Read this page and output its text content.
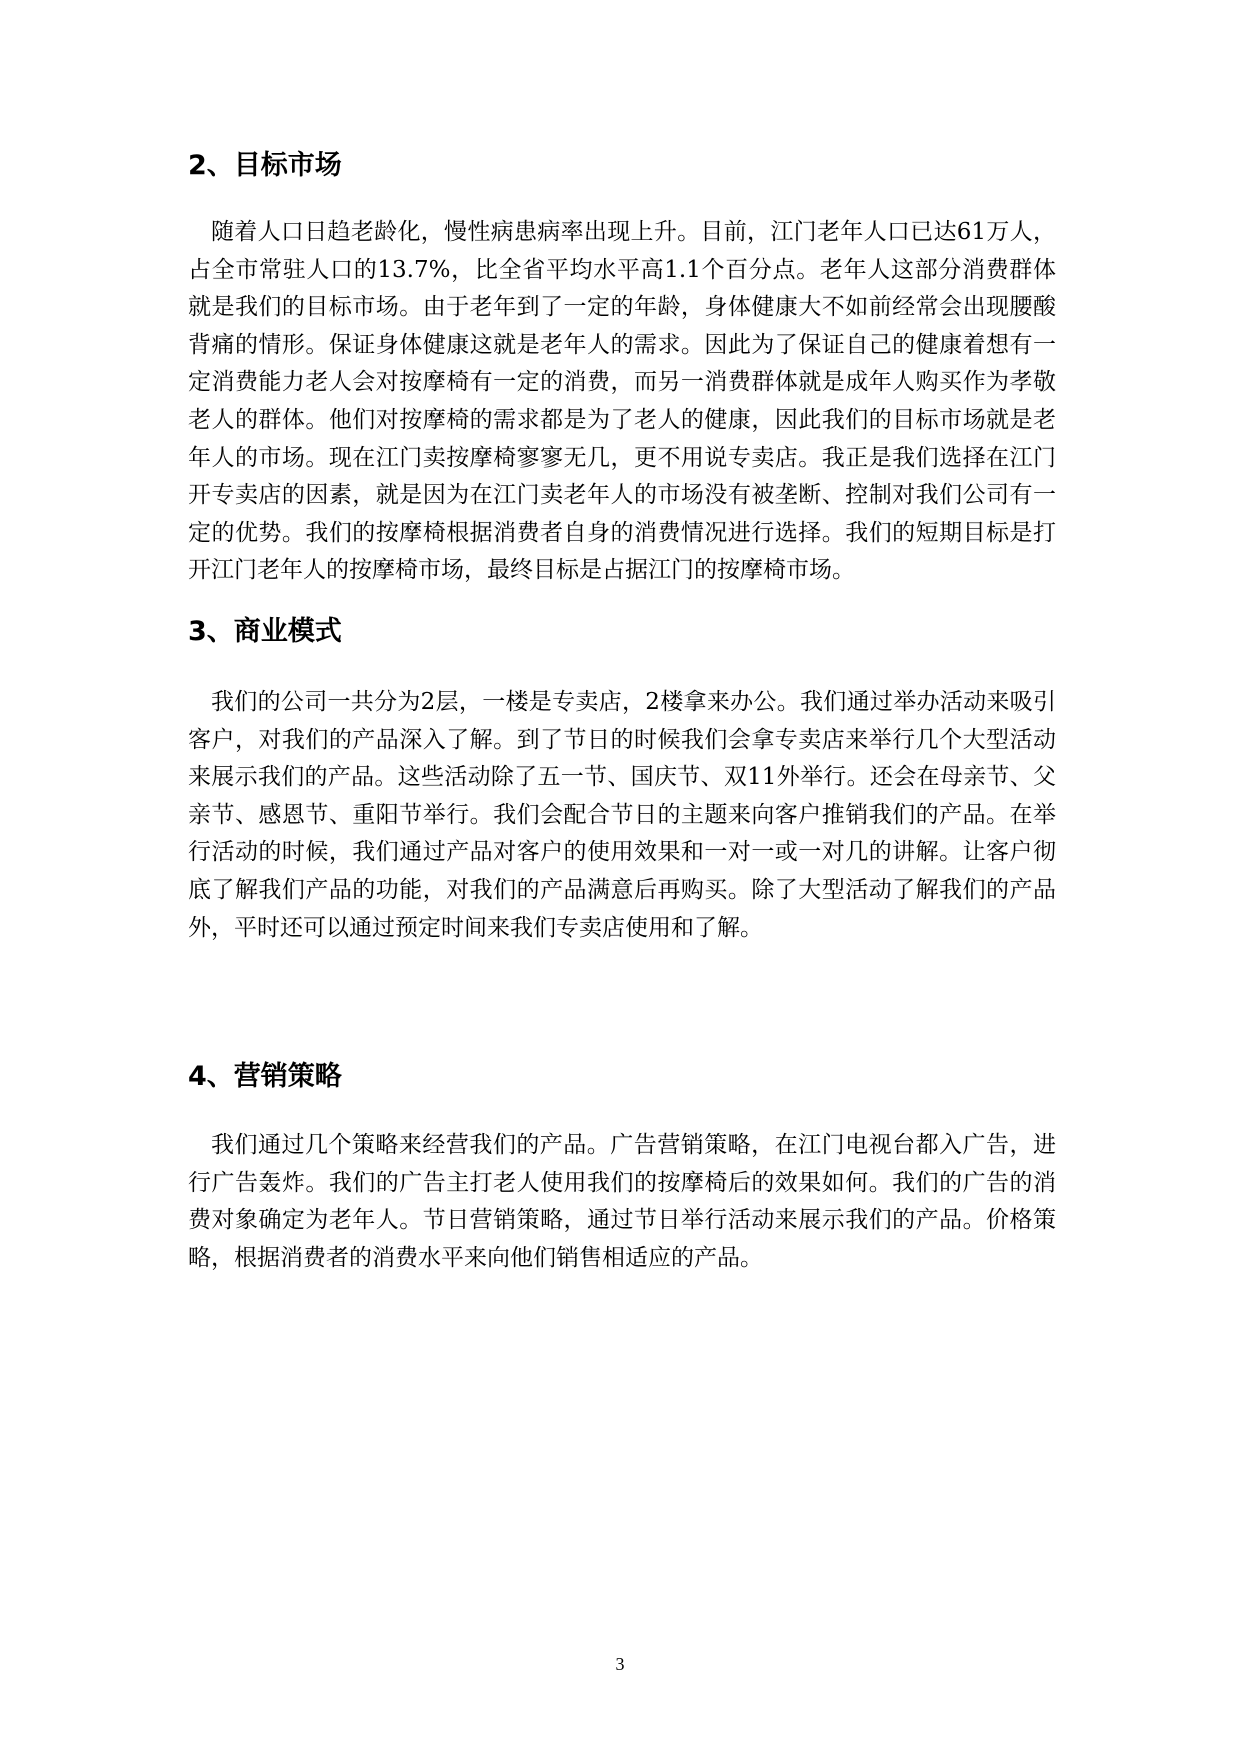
2、目标市场

随着人口日趋老龄化，慢性病患病率出现上升。目前，江门老年人口已达61万人，占全市常驻人口的13.7%，比全省平均水平高1.1个百分点。老年人这部分消费群体就是我们的目标市场。由于老年到了一定的年龄，身体健康大不如前经常会出现腰酸背痛的情形。保证身体健康这就是老年人的需求。因此为了保证自己的健康着想有一定消费能力老人会对按摩椅有一定的消费，而另一消费群体就是成年人购买作为孝敬老人的群体。他们对按摩椅的需求都是为了老人的健康，因此我们的目标市场就是老年人的市场。现在江门卖按摩椅寥寥无几，更不用说专卖店。我正是我们选择在江门开专卖店的因素，就是因为在江门卖老年人的市场没有被垄断、控制对我们公司有一定的优势。我们的按摩椅根据消费者自身的消费情况进行选择。我们的短期目标是打开江门老年人的按摩椅市场，最终目标是占据江门的按摩椅市场。

3、商业模式

我们的公司一共分为2层，一楼是专卖店，2楼拿来办公。我们通过举办活动来吸引客户，对我们的产品深入了解。到了节日的时候我们会拿专卖店来举行几个大型活动来展示我们的产品。这些活动除了五一节、国庆节、双11外举行。还会在母亲节、父亲节、感恩节、重阳节举行。我们会配合节日的主题来向客户推销我们的产品。在举行活动的时候，我们通过产品对客户的使用效果和一对一或一对几的讲解。让客户彻底了解我们产品的功能，对我们的产品满意后再购买。除了大型活动了解我们的产品外，平时还可以通过预定时间来我们专卖店使用和了解。

4、营销策略

我们通过几个策略来经营我们的产品。广告营销策略，在江门电视台都入广告，进行广告轰炸。我们的广告主打老人使用我们的按摩椅后的效果如何。我们的广告的消费对象确定为老年人。节日营销策略，通过节日举行活动来展示我们的产品。价格策略，根据消费者的消费水平来向他们销售相适应的产品。

3
